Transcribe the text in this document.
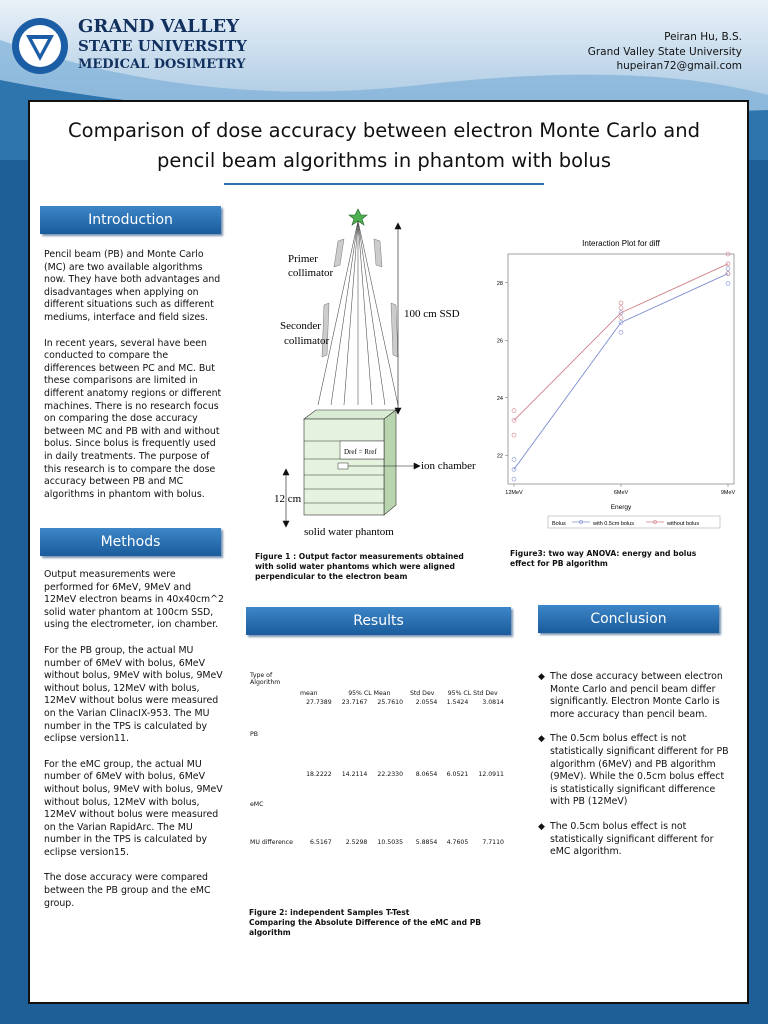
GRAND VALLEY
STATE UNIVERSITY
MEDICAL DOSIMETRY
Peiran Hu, B.S.
Grand Valley State University
hupeiran72@gmail.com
Comparison of dose accuracy between electron Monte Carlo and pencil beam algorithms in phantom with bolus
Introduction

Pencil beam (PB) and Monte Carlo (MC) are two available algorithms now. They have both advantages and disadvantages when applying on different situations such as different mediums, interface and field sizes.

In recent years, several have been conducted to compare the differences between PC and MC. But these comparisons are limited in different anatomy regions or different machines. There is no research focus on comparing the dose accuracy between MC and PB with and without bolus. Since bolus is frequently used in daily treatments. The purpose of this research is to compare the dose accuracy between PB and MC algorithms in phantom with bolus.

Methods

Output measurements were performed for 6MeV, 9MeV and 12MeV electron beams in 40x40cm^2 solid water phantom at 100cm SSD, using the electrometer, ion chamber.

For the PB group, the actual MU number of 6MeV with bolus, 6MeV without bolus, 9MeV with bolus, 9MeV without bolus, 12MeV with bolus, 12MeV without bolus were measured on the Varian ClinacIX-953. The MU number in the TPS is calculated by eclipse version11.

For the eMC group, the actual MU number of 6MeV with bolus, 6MeV without bolus, 9MeV with bolus, 9MeV without bolus, 12MeV with bolus, 12MeV without bolus were measured on the Varian RapidArc. The MU number in the TPS is calculated by eclipse version15.

The dose accuracy were compared between the PB group and the eMC group.

Primer
collimator
Seconder
collimator
100 cm SSD
Dref = Rref
ion chamber
12 cm
solid water phantom
Figure 1 : Output factor measurements obtained with solid water phantoms which were aligned perpendicular to the electron beam
Interaction Plot for diff
22
24
26
28
12MeV	6MeV	9MeV
Energy
Bolus	with 0.5cm bolus	without bolus
Figure3: two way ANOVA: energy and bolus effect for PB algorithm
Results
Type of Algorithm	mean	95% CL Mean		Std Dev	95% CL Std Dev	
PB	27.7389	23.7167	25.7610	2.0554	1.5424	3.0814
eMC	18.2222	14.2114	22.2330	8.0654	6.0521	12.0911
MU difference	6.5167	2.5298	10.5035	5.8854	4.7605	7.7110
Figure 2: independent Samples T-Test
Comparing the Absolute Difference of the eMC and PB algorithm
Conclusion
◆ The dose accuracy between electron Monte Carlo and pencil beam differ significantly. Electron Monte Carlo is more accuracy than pencil beam.
◆ The 0.5cm bolus effect is not statistically significant different for PB algorithm (6MeV) and PB algorithm (9MeV). While the 0.5cm bolus effect is statistically significant difference with PB (12MeV)
◆ The 0.5cm bolus effect is not statistically significant different for eMC algorithm.
